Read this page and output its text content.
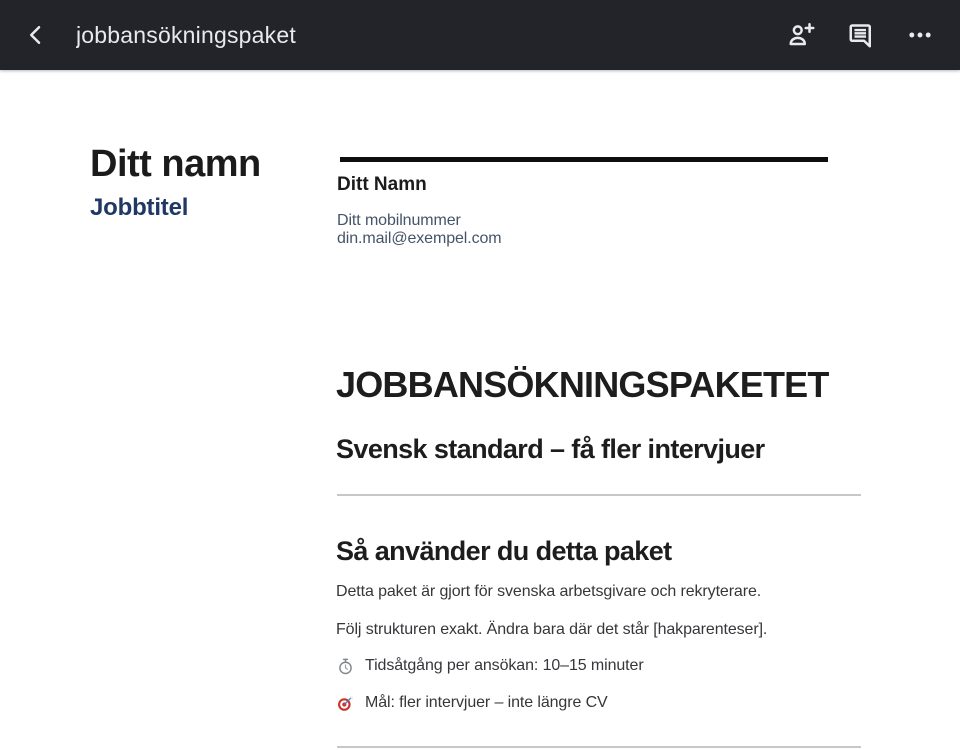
jobbansökningspaket
Ditt namn
Jobbtitel
Ditt Namn
Ditt mobilnummer
din.mail@exempel.com
JOBBANSÖKNINGSPAKETET
Svensk standard – få fler intervjuer
Så använder du detta paket

Detta paket är gjort för svenska arbetsgivare och rekryterare.

Följ strukturen exakt. Ändra bara där det står [hakparenteser].

Tidsåtgång per ansökan: 10–15 minuter
Mål: fler intervjuer – inte längre CV
